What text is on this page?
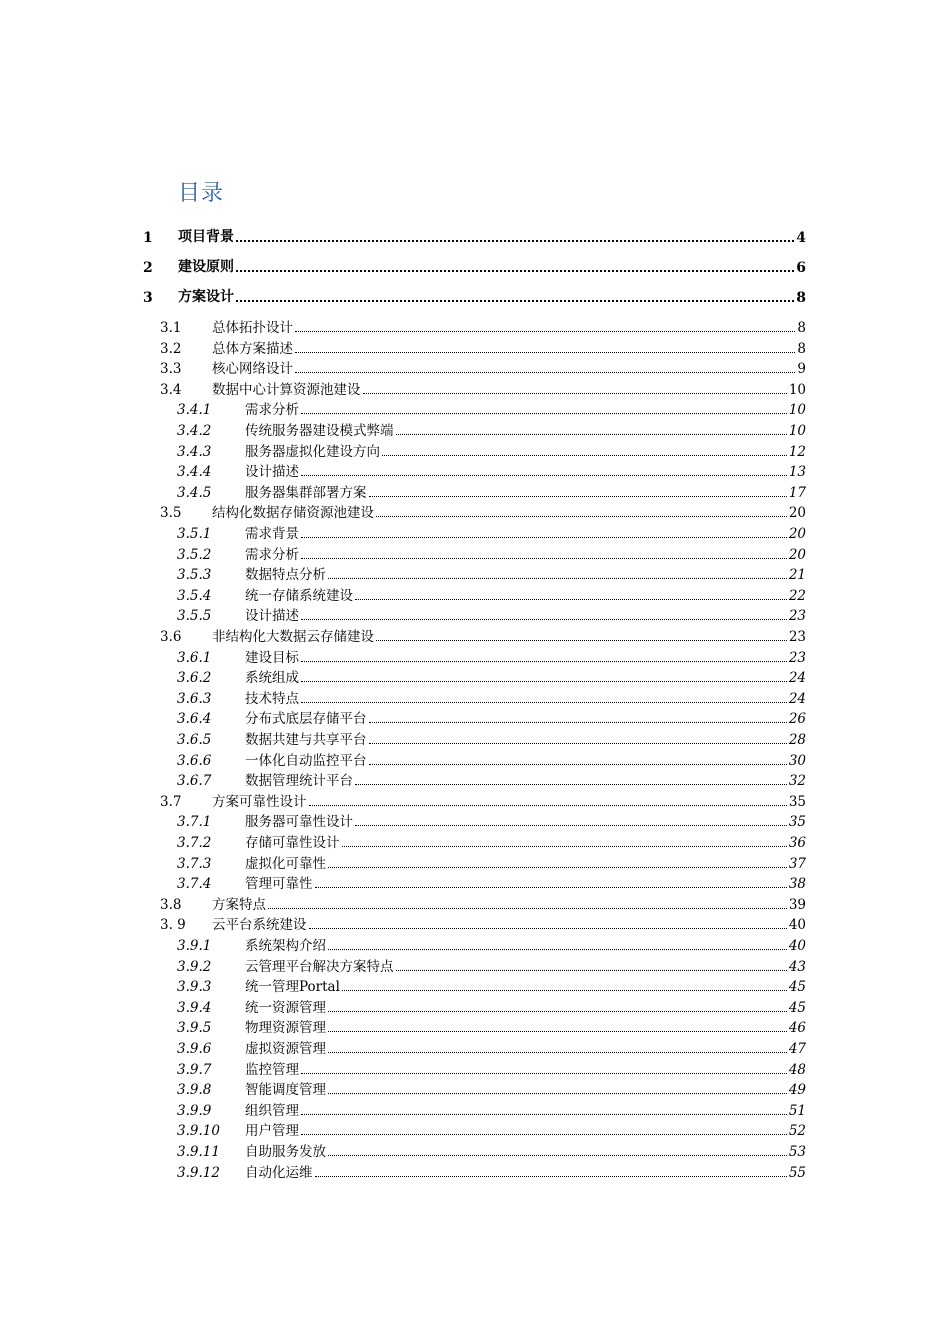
目录
1	项目背景	4
2	建设原则	6
3	方案设计	8
3.1	总体拓扑设计	8
3.2	总体方案描述	8
3.3	核心网络设计	9
3.4	数据中心计算资源池建设	10
3.4.1	需求分析	10
3.4.2	传统服务器建设模式弊端	10
3.4.3	服务器虚拟化建设方向	12
3.4.4	设计描述	13
3.4.5	服务器集群部署方案	17
3.5	结构化数据存储资源池建设	20
3.5.1	需求背景	20
3.5.2	需求分析	20
3.5.3	数据特点分析	21
3.5.4	统一存储系统建设	22
3.5.5	设计描述	23
3.6	非结构化大数据云存储建设	23
3.6.1	建设目标	23
3.6.2	系统组成	24
3.6.3	技术特点	24
3.6.4	分布式底层存储平台	26
3.6.5	数据共建与共享平台	28
3.6.6	一体化自动监控平台	30
3.6.7	数据管理统计平台	32
3.7	方案可靠性设计	35
3.7.1	服务器可靠性设计	35
3.7.2	存储可靠性设计	36
3.7.3	虚拟化可靠性	37
3.7.4	管理可靠性	38
3.8	方案特点	39
3. 9	云平台系统建设	40
3.9.1	系统架构介绍	40
3.9.2	云管理平台解决方案特点	43
3.9.3	统一管理Portal	45
3.9.4	统一资源管理	45
3.9.5	物理资源管理	46
3.9.6	虚拟资源管理	47
3.9.7	监控管理	48
3.9.8	智能调度管理	49
3.9.9	组织管理	51
3.9.10	用户管理	52
3.9.11	自助服务发放	53
3.9.12	自动化运维	55
